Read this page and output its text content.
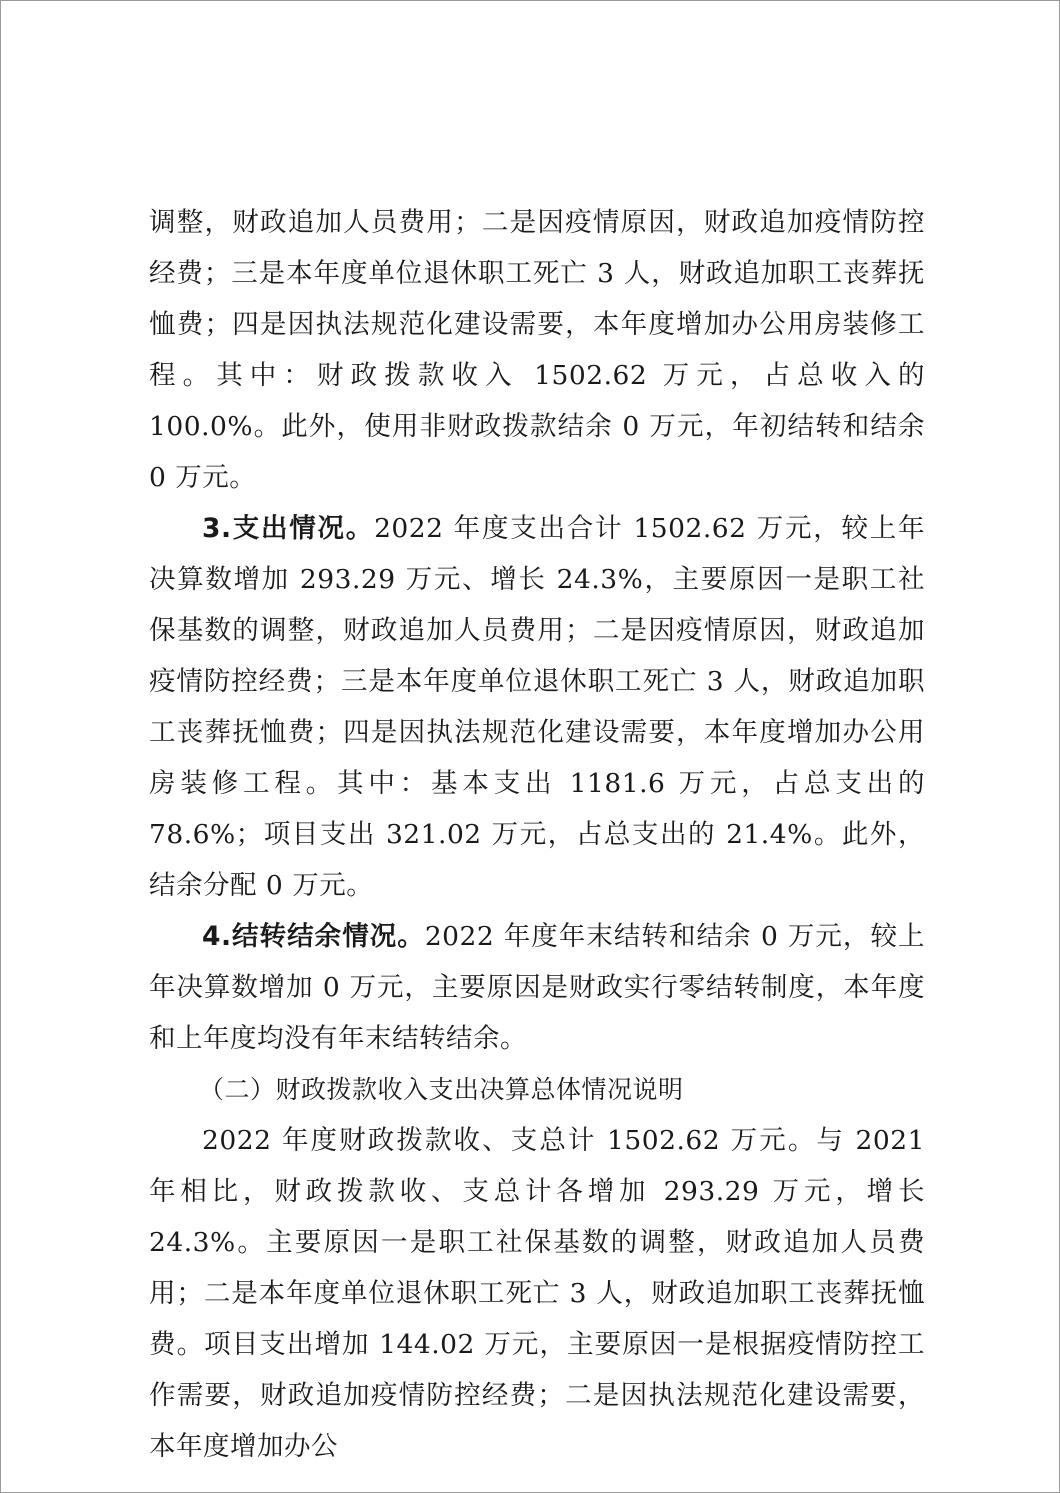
调整，财政追加人员费用；二是因疫情原因，财政追加疫情防控经费；三是本年度单位退休职工死亡 3 人，财政追加职工丧葬抚恤费；四是因执法规范化建设需要，本年度增加办公用房装修工程。其中：财政拨款收入 1502.62 万元，占总收入的 100.0%。此外，使用非财政拨款结余 0 万元，年初结转和结余 0 万元。

3.支出情况。2022 年度支出合计 1502.62 万元，较上年决算数增加 293.29 万元、增长 24.3%，主要原因一是职工社保基数的调整，财政追加人员费用；二是因疫情原因，财政追加疫情防控经费；三是本年度单位退休职工死亡 3 人，财政追加职工丧葬抚恤费；四是因执法规范化建设需要，本年度增加办公用房装修工程。其中：基本支出 1181.6 万元，占总支出的 78.6%；项目支出 321.02 万元，占总支出的 21.4%。此外，结余分配 0 万元。

4.结转结余情况。2022 年度年末结转和结余 0 万元，较上年决算数增加 0 万元，主要原因是财政实行零结转制度，本年度和上年度均没有年末结转结余。

（二）财政拨款收入支出决算总体情况说明

2022 年度财政拨款收、支总计 1502.62 万元。与 2021 年相比，财政拨款收、支总计各增加 293.29 万元，增长 24.3%。主要原因一是职工社保基数的调整，财政追加人员费用；二是本年度单位退休职工死亡 3 人，财政追加职工丧葬抚恤费。项目支出增加 144.02 万元，主要原因一是根据疫情防控工作需要，财政追加疫情防控经费；二是因执法规范化建设需要，本年度增加办公
